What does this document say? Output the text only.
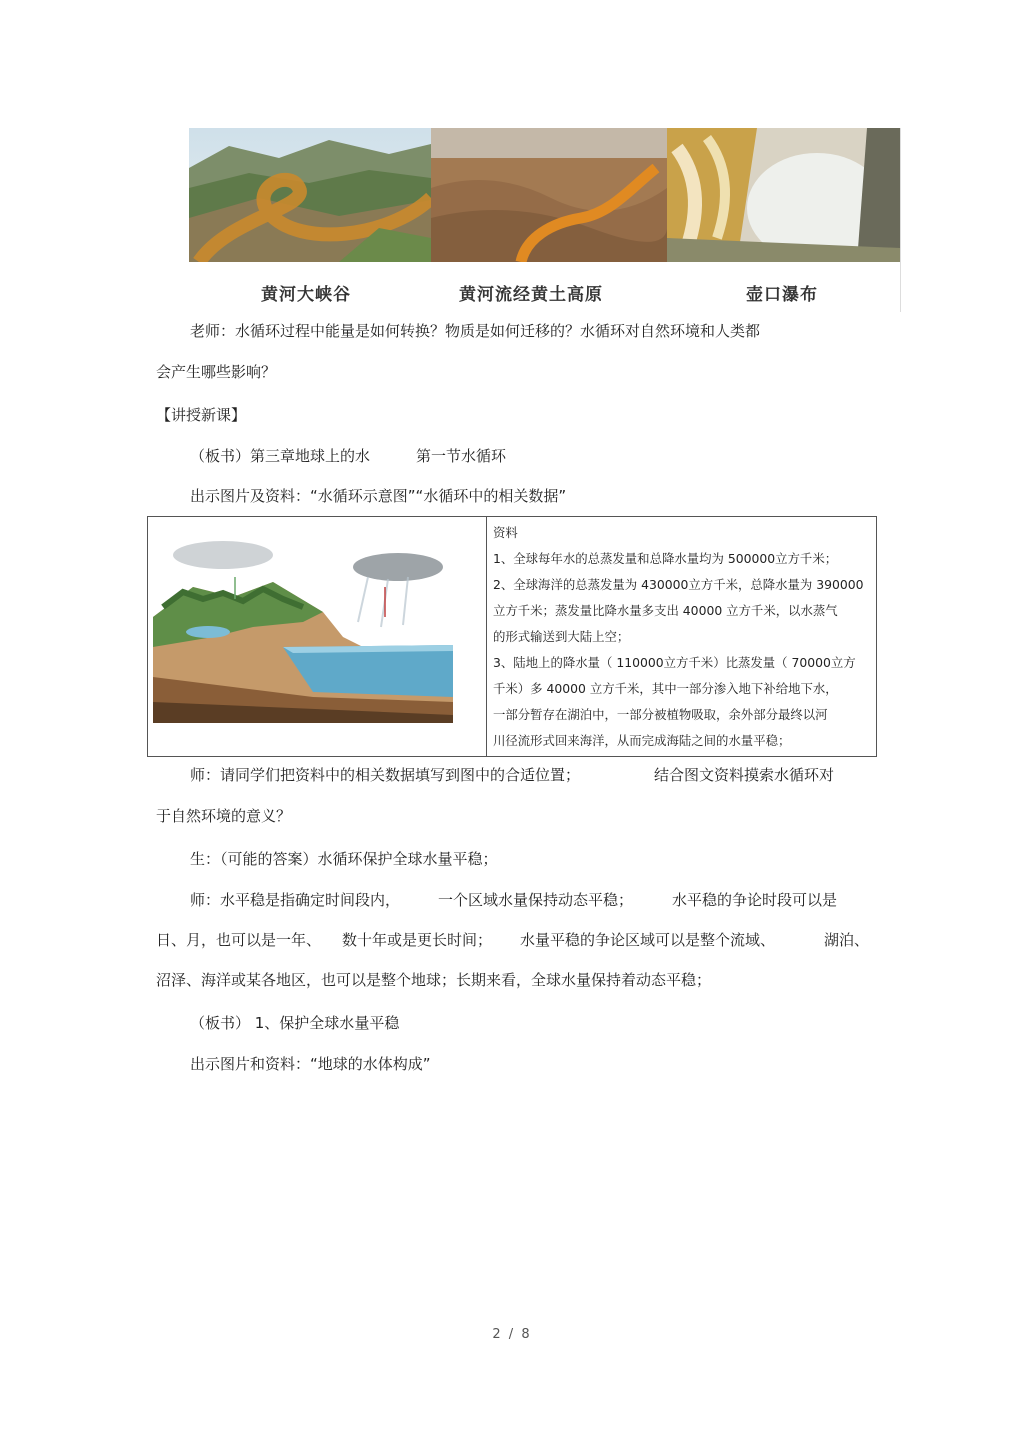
黄河大峡谷	黄河流经黄土高原	壶口瀑布
老师：水循环过程中能量是如何转换？物质是如何迁移的？水循环对自然环境和人类都
会产生哪些影响？
【讲授新课】
（板书）第三章地球上的水	第一节水循环
出示图片及资料：“水循环示意图”“水循环中的相关数据”
资料
1、全球每年水的总蒸发量和总降水量均为 500000立方千米；
2、全球海洋的总蒸发量为 430000立方千米，总降水量为 390000
立方千米；蒸发量比降水量多支出 40000 立方千米，以水蒸气
的形式输送到大陆上空；
3、陆地上的降水量（ 110000立方千米）比蒸发量（ 70000立方
千米）多 40000 立方千米，其中一部分渗入地下补给地下水，
一部分暂存在湖泊中，一部分被植物吸取，余外部分最终以河
川径流形式回来海洋，从而完成海陆之间的水量平稳；
师：请同学们把资料中的相关数据填写到图中的合适位置；	结合图文资料摸索水循环对
于自然环境的意义？
生：（可能的答案）水循环保护全球水量平稳；
师：水平稳是指确定时间段内，	一个区域水量保持动态平稳；	水平稳的争论时段可以是
日、月，也可以是一年、 数十年或是更长时间； 水量平稳的争论区域可以是整个流域、	湖泊、
沼泽、海洋或某各地区，也可以是整个地球；长期来看，全球水量保持着动态平稳；
（板书） 1、保护全球水量平稳
出示图片和资料：“地球的水体构成”
2 / 8
